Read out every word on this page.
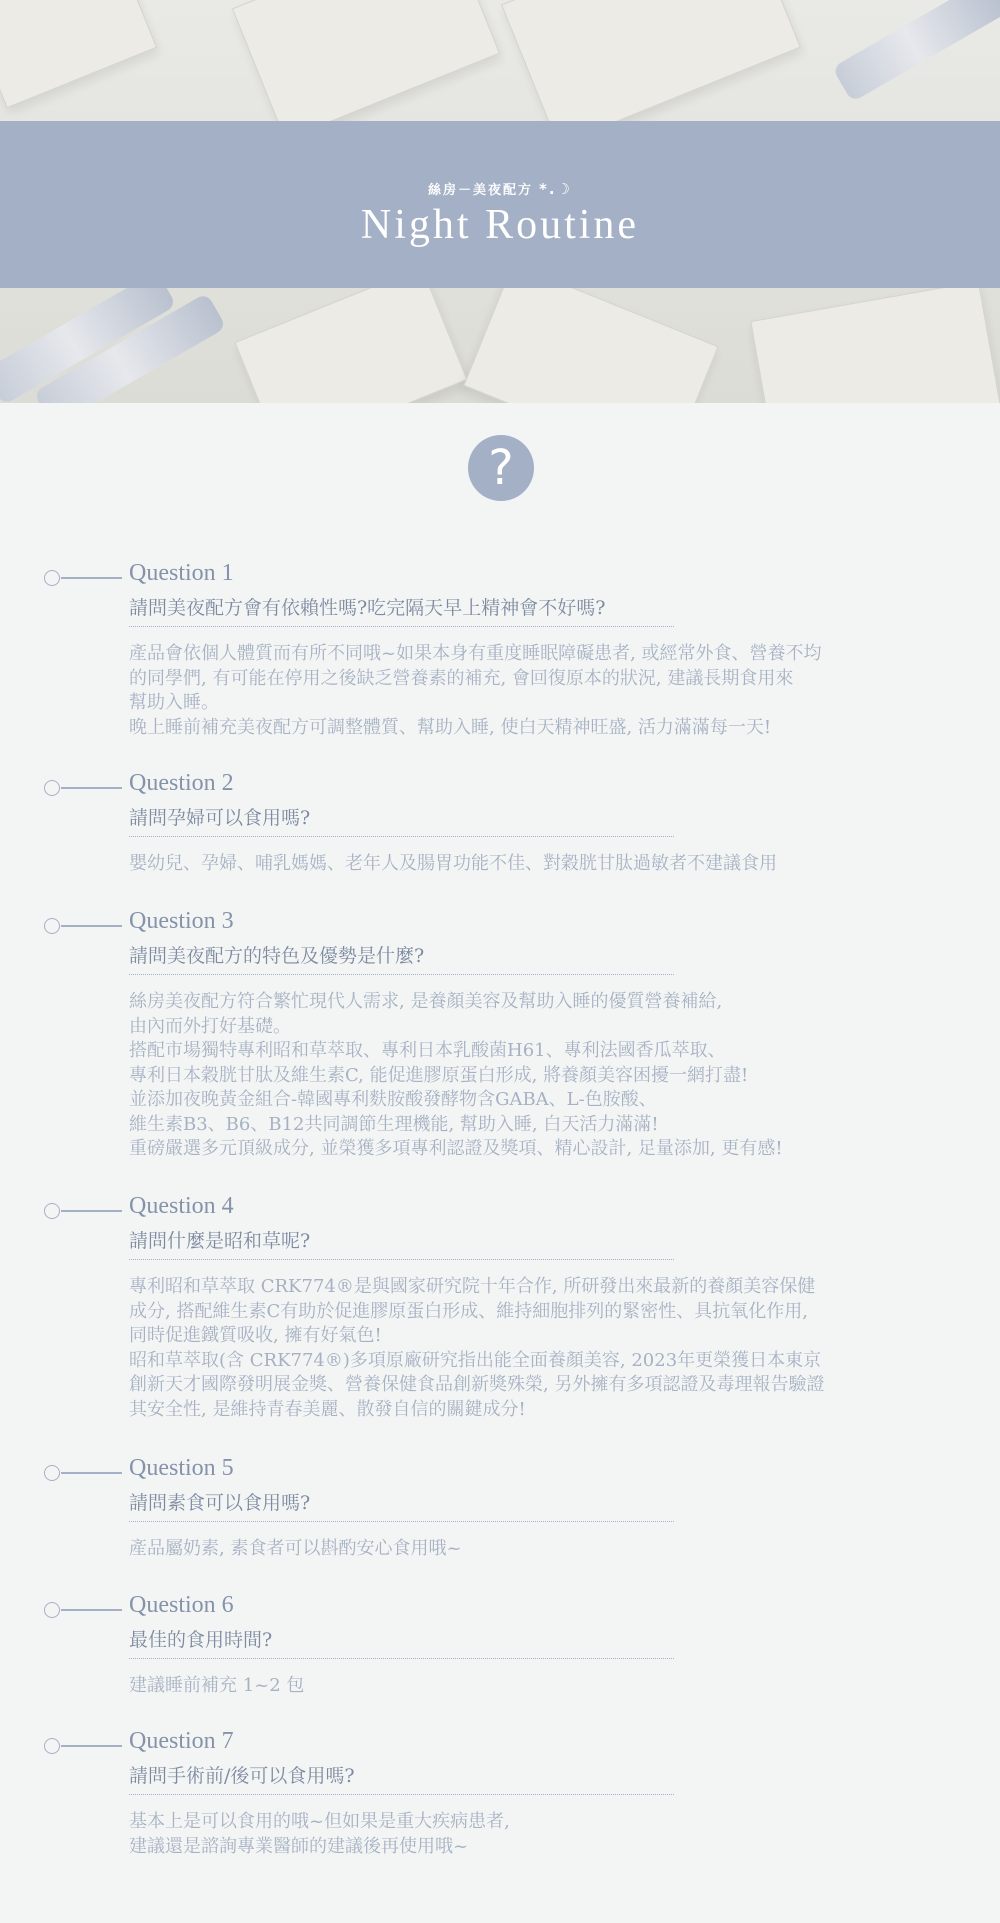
絲房－美夜配方 *.☽
Night Routine
?
Question 1
請問美夜配方會有依賴性嗎?吃完隔天早上精神會不好嗎?
產品會依個人體質而有所不同哦~如果本身有重度睡眠障礙患者, 或經常外食、營養不均
的同學們, 有可能在停用之後缺乏營養素的補充, 會回復原本的狀況, 建議長期食用來
幫助入睡。
晚上睡前補充美夜配方可調整體質、幫助入睡, 使白天精神旺盛, 活力滿滿每一天!
Question 2
請問孕婦可以食用嗎?
嬰幼兒、孕婦、哺乳媽媽、老年人及腸胃功能不佳、對穀胱甘肽過敏者不建議食用
Question 3
請問美夜配方的特色及優勢是什麼?
絲房美夜配方符合繁忙現代人需求, 是養顏美容及幫助入睡的優質營養補給,
由內而外打好基礎。
搭配市場獨特專利昭和草萃取、專利日本乳酸菌H61、專利法國香瓜萃取、
專利日本穀胱甘肽及維生素C, 能促進膠原蛋白形成, 將養顏美容困擾一網打盡!
並添加夜晚黃金組合-韓國專利麩胺酸發酵物含GABA、L-色胺酸、
維生素B3、B6、B12共同調節生理機能, 幫助入睡, 白天活力滿滿!
重磅嚴選多元頂級成分, 並榮獲多項專利認證及獎項、精心設計, 足量添加, 更有感!
Question 4
請問什麼是昭和草呢?
專利昭和草萃取 CRK774®是與國家研究院十年合作, 所研發出來最新的養顏美容保健
成分, 搭配維生素C有助於促進膠原蛋白形成、維持細胞排列的緊密性、具抗氧化作用,
同時促進鐵質吸收, 擁有好氣色!
昭和草萃取(含 CRK774®)多項原廠研究指出能全面養顏美容, 2023年更榮獲日本東京
創新天才國際發明展金獎、營養保健食品創新獎殊榮, 另外擁有多項認證及毒理報告驗證
其安全性, 是維持青春美麗、散發自信的關鍵成分!
Question 5
請問素食可以食用嗎?
產品屬奶素, 素食者可以斟酌安心食用哦~
Question 6
最佳的食用時間?
建議睡前補充 1~2 包
Question 7
請問手術前/後可以食用嗎?
基本上是可以食用的哦~但如果是重大疾病患者,
建議還是諮詢專業醫師的建議後再使用哦~
